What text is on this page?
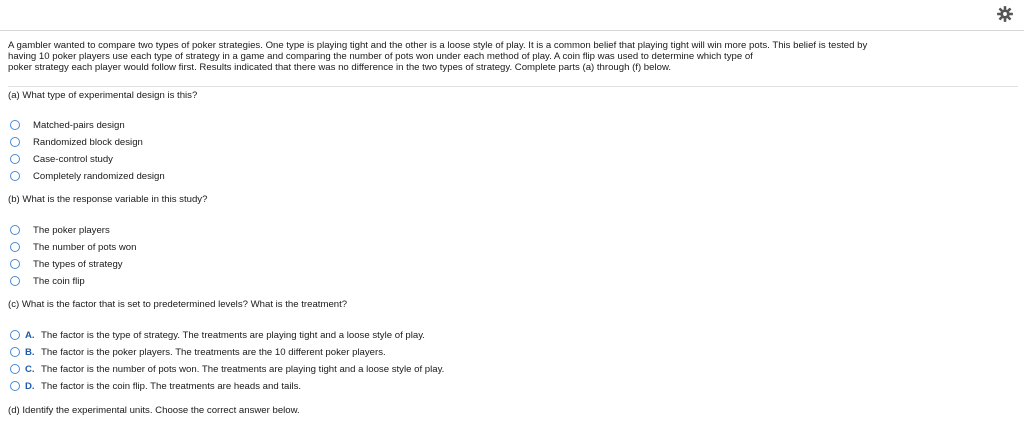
A gambler wanted to compare two types of poker strategies. One type is playing tight and the other is a loose style of play. It is a common belief that playing tight will win more pots. This belief is tested by
having 10 poker players use each type of strategy in a game and comparing the number of pots won under each method of play. A coin flip was used to determine which type of
poker strategy each player would follow first. Results indicated that there was no difference in the two types of strategy. Complete parts (a) through (f) below.
(a) What type of experimental design is this?
Matched-pairs design
Randomized block design
Case-control study
Completely randomized design
(b) What is the response variable in this study?
The poker players
The number of pots won
The types of strategy
The coin flip
(c) What is the factor that is set to predetermined levels? What is the treatment?
A. The factor is the type of strategy. The treatments are playing tight and a loose style of play.
B. The factor is the poker players. The treatments are the 10 different poker players.
C. The factor is the number of pots won. The treatments are playing tight and a loose style of play.
D. The factor is the coin flip. The treatments are heads and tails.
(d) Identify the experimental units. Choose the correct answer below.
